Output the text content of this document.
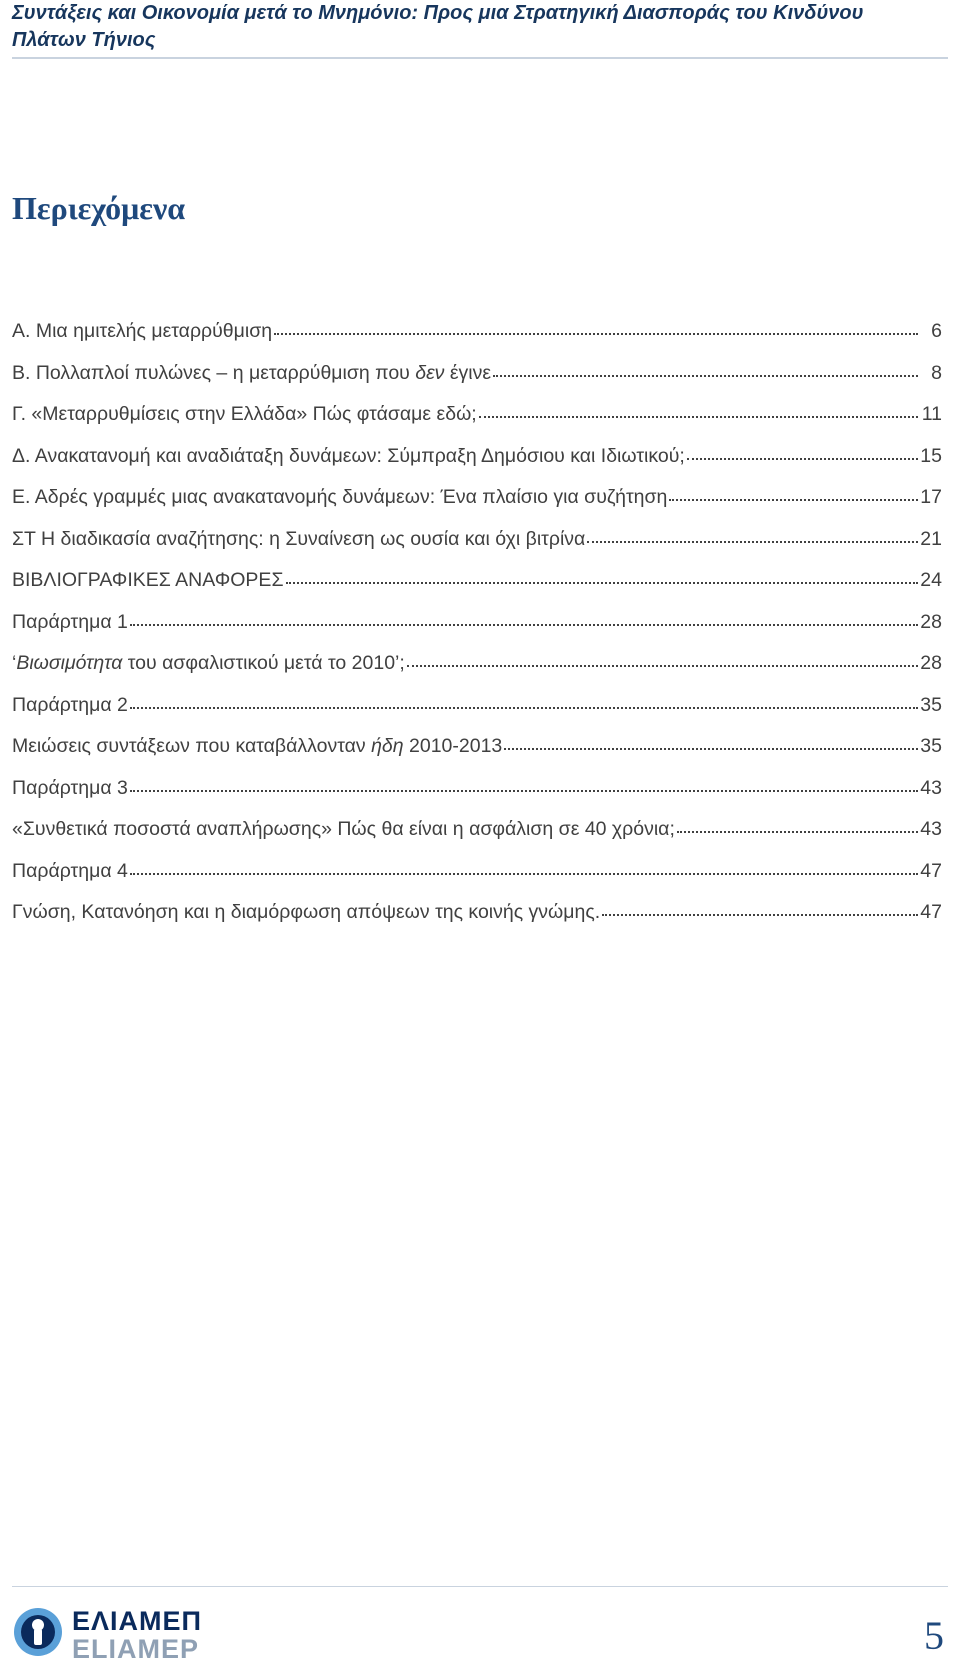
Συντάξεις και Οικονομία μετά το Μνημόνιο: Προς μια Στρατηγική Διασποράς του Κινδύνου
Πλάτων Τήνιος
Περιεχόμενα
Α. Μια ημιτελής μεταρρύθμιση	6
Β. Πολλαπλοί πυλώνες – η μεταρρύθμιση που δεν έγινε	8
Γ. «Μεταρρυθμίσεις στην Ελλάδα» Πώς φτάσαμε εδώ;	11
Δ. Ανακατανομή και αναδιάταξη δυνάμεων: Σύμπραξη Δημόσιου και Ιδιωτικού;	15
Ε. Αδρές γραμμές μιας ανακατανομής δυνάμεων: Ένα πλαίσιο για συζήτηση	17
ΣΤ Η διαδικασία αναζήτησης: η Συναίνεση ως ουσία και όχι βιτρίνα	21
ΒΙΒΛΙΟΓΡΑΦΙΚΕΣ ΑΝΑΦΟΡΕΣ	24
Παράρτημα 1	28
‘Βιωσιμότητα του ασφαλιστικού μετά το 2010’;	28
Παράρτημα 2	35
Μειώσεις συντάξεων που καταβάλλονταν ήδη 2010-2013	35
Παράρτημα 3	43
«Συνθετικά ποσοστά αναπλήρωσης» Πώς θα είναι η ασφάλιση σε 40 χρόνια;	43
Παράρτημα 4	47
Γνώση, Κατανόηση και η διαμόρφωση απόψεων της κοινής γνώμης.	47
ΕΛΙΑΜΕΠ
ELIAMEP	5
